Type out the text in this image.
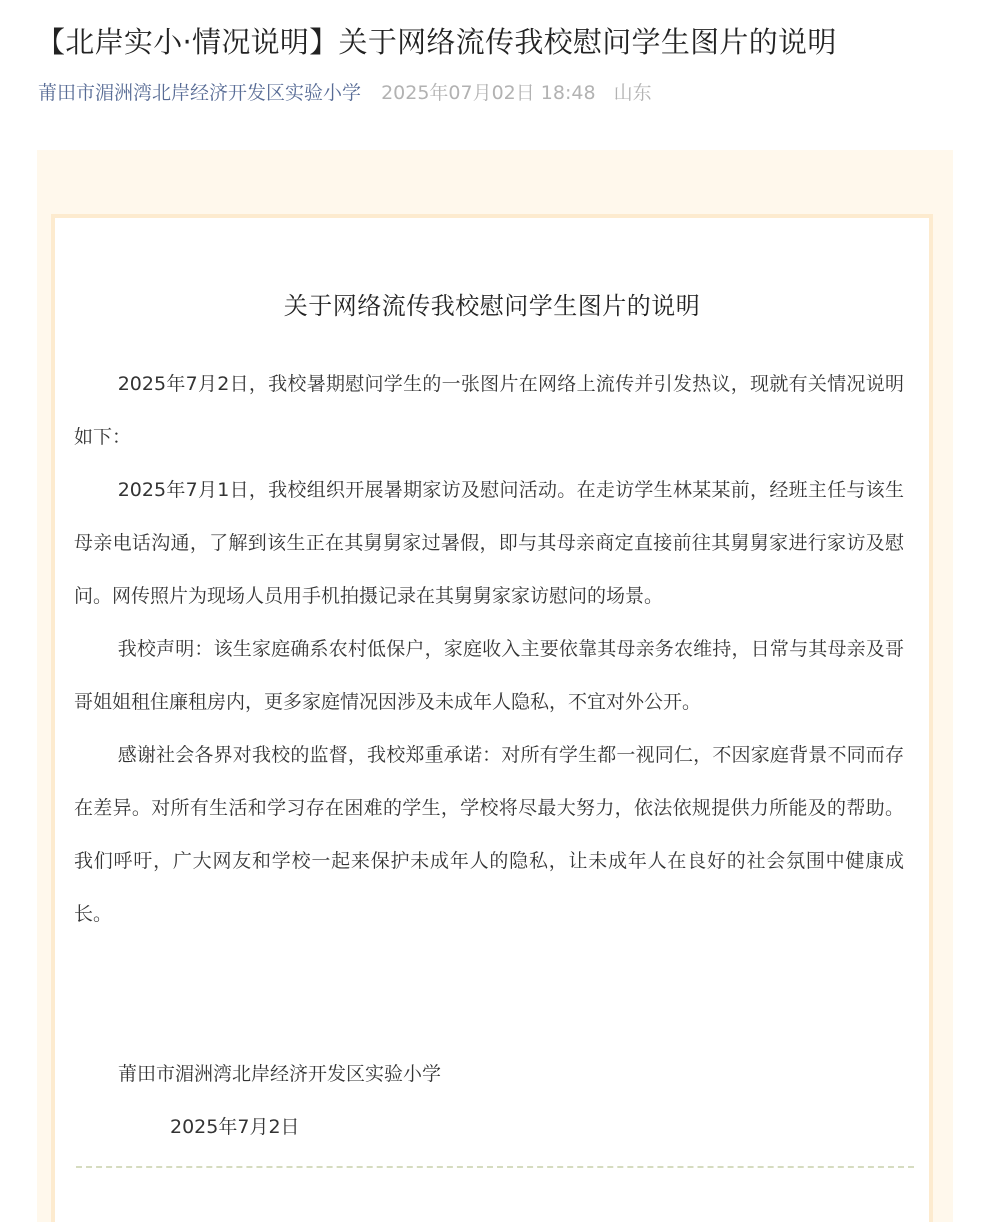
【北岸实小·情况说明】关于网络流传我校慰问学生图片的说明
莆田市湄洲湾北岸经济开发区实验小学 2025年07月02日 18:48 山东
关于网络流传我校慰问学生图片的说明

2025年7月2日，我校暑期慰问学生的一张图片在网络上流传并引发热议，现就有关情况说明如下：

2025年7月1日，我校组织开展暑期家访及慰问活动。在走访学生林某某前，经班主任与该生母亲电话沟通，了解到该生正在其舅舅家过暑假，即与其母亲商定直接前往其舅舅家进行家访及慰问。网传照片为现场人员用手机拍摄记录在其舅舅家家访慰问的场景。

我校声明：该生家庭确系农村低保户，家庭收入主要依靠其母亲务农维持，日常与其母亲及哥哥姐姐租住廉租房内，更多家庭情况因涉及未成年人隐私，不宜对外公开。

感谢社会各界对我校的监督，我校郑重承诺：对所有学生都一视同仁，不因家庭背景不同而存在差异。对所有生活和学习存在困难的学生，学校将尽最大努力，依法依规提供力所能及的帮助。我们呼吁，广大网友和学校一起来保护未成年人的隐私，让未成年人在良好的社会氛围中健康成长。

莆田市湄洲湾北岸经济开发区实验小学
2025年7月2日
